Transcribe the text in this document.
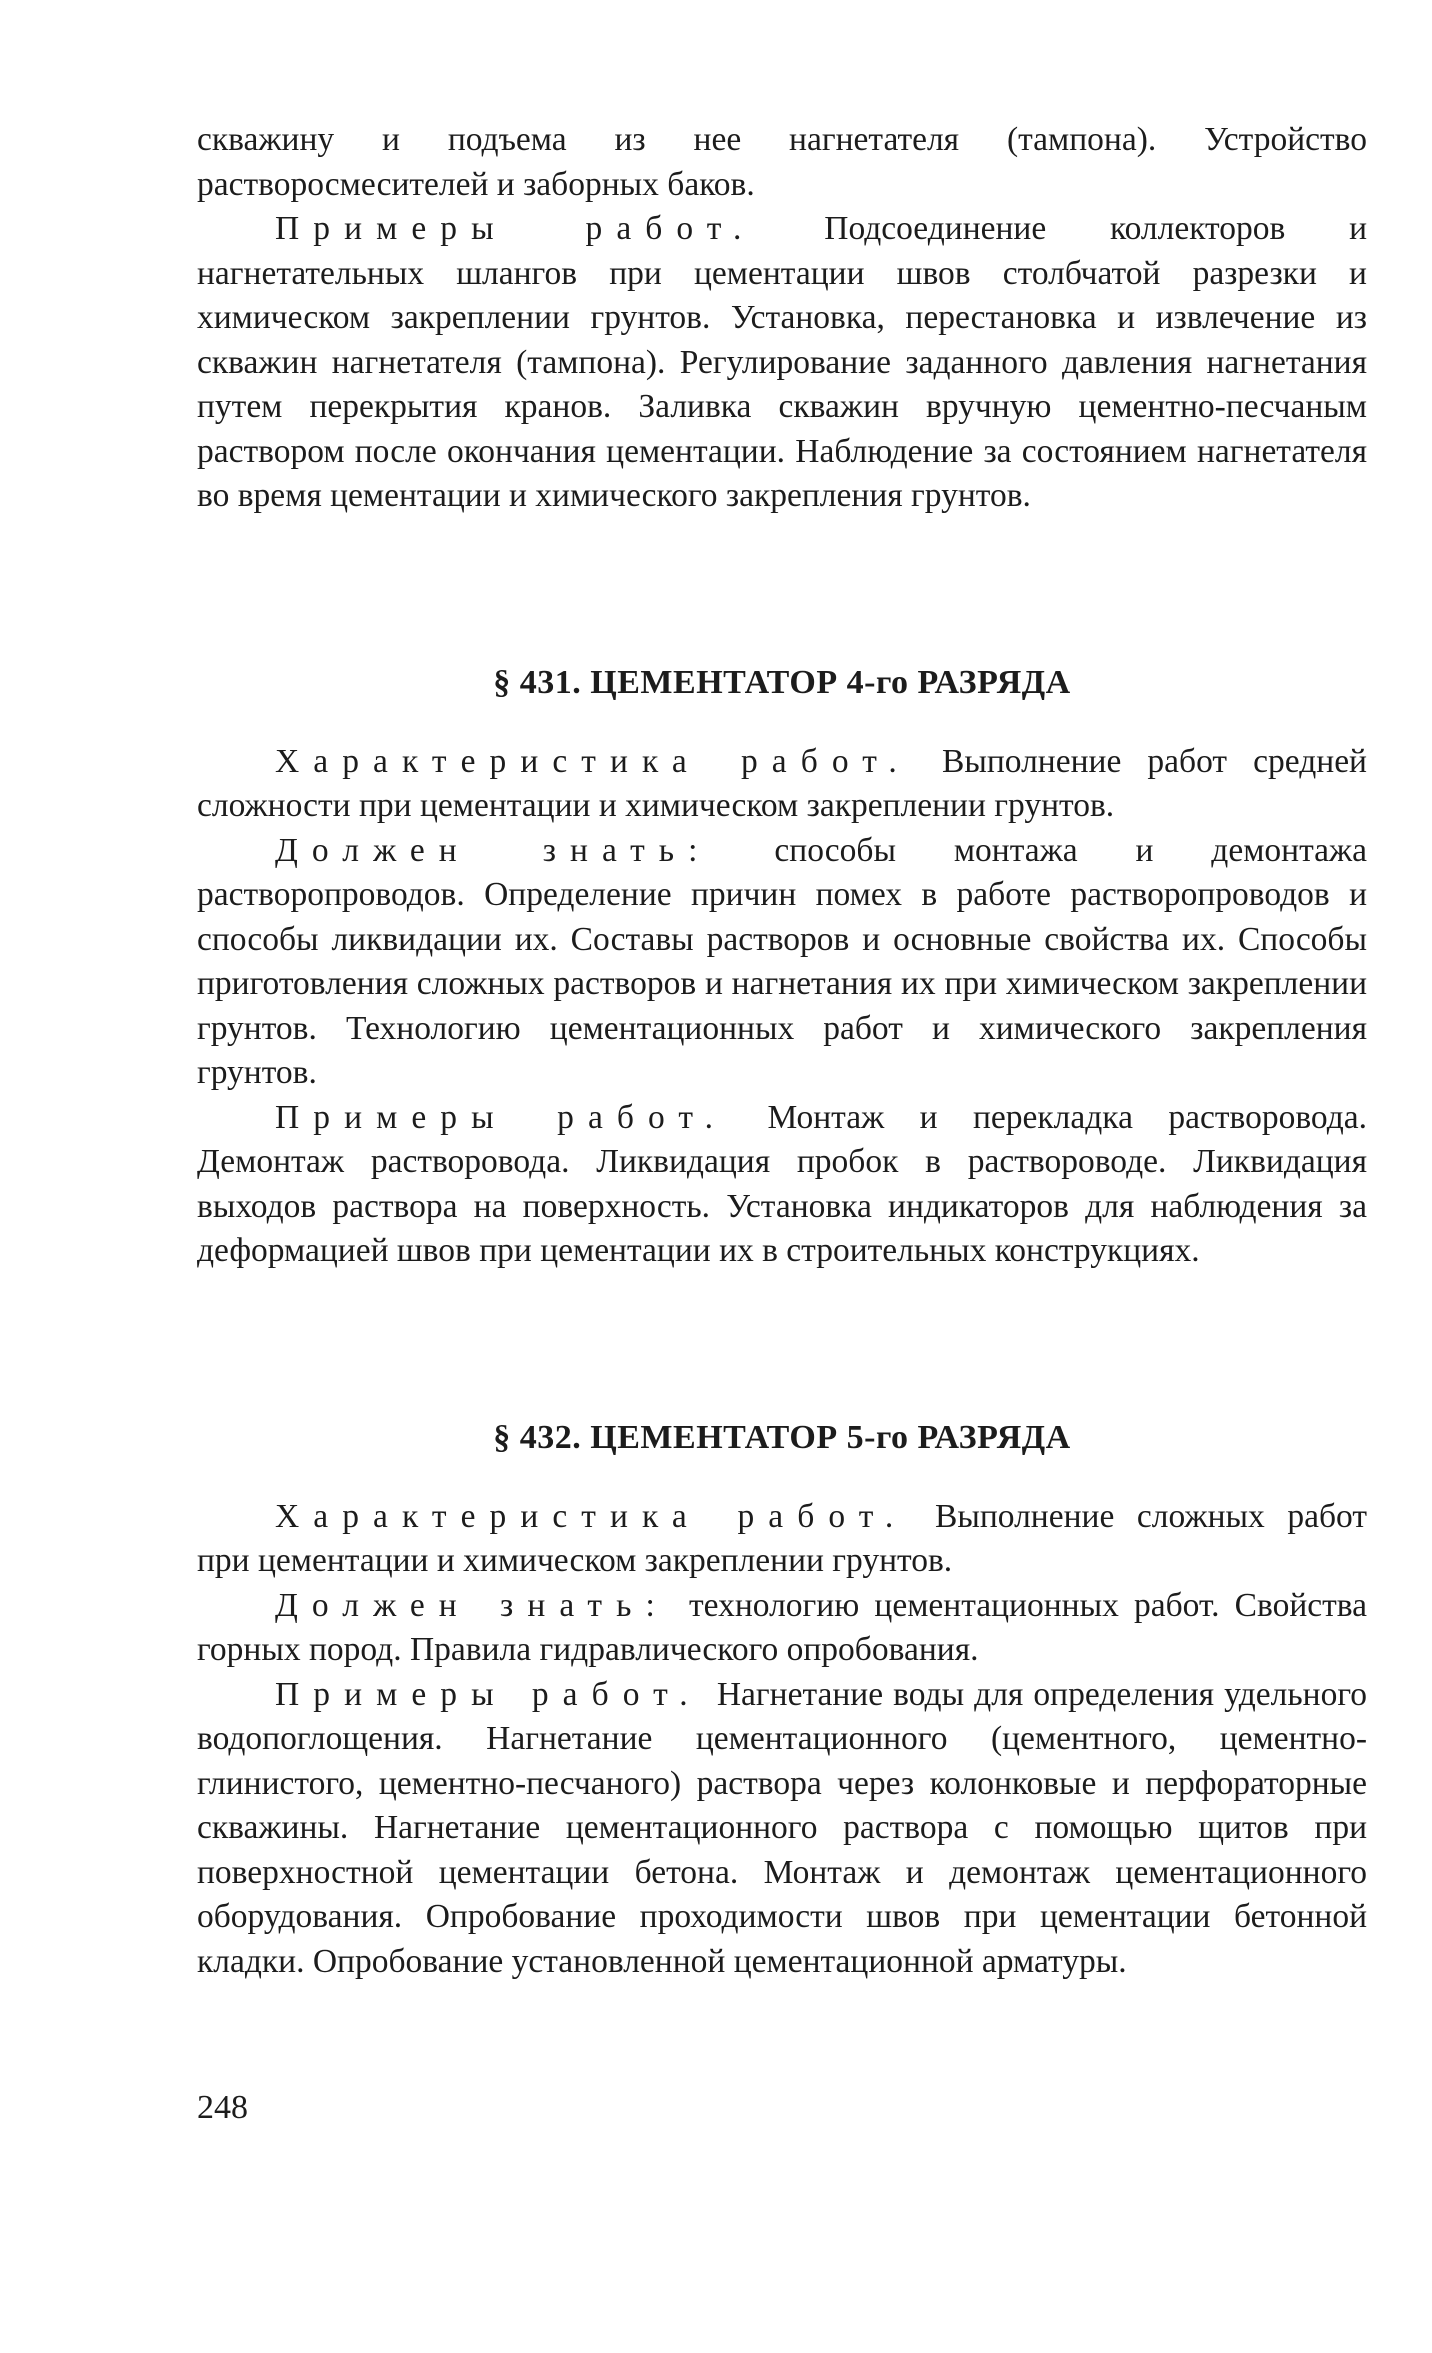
скважину и подъема из нее нагнетателя (тампона). Устройство растворосмесителей и заборных баков.

Примеры работ. Подсоединение коллекторов и нагнетательных шлангов при цементации швов столбчатой разрезки и химическом закреплении грунтов. Установка, перестановка и извлечение из скважин нагнетателя (тампона). Регулирование заданного давления нагнетания путем перекрытия кранов. Заливка скважин вручную цементно-песчаным раствором после окончания цементации. Наблюдение за состоянием нагнетателя во время цементации и химического закрепления грунтов.

§ 431. ЦЕМЕНТАТОР 4-го РАЗРЯДА

Характеристика работ. Выполнение работ средней сложности при цементации и химическом закреплении грунтов.

Должен знать: способы монтажа и демонтажа растворопроводов. Определение причин помех в работе растворопроводов и способы ликвидации их. Составы растворов и основные свойства их. Способы приготовления сложных растворов и нагнетания их при химическом закреплении грунтов. Технологию цементационных работ и химического закрепления грунтов.

Примеры работ. Монтаж и перекладка растворовода. Демонтаж растворовода. Ликвидация пробок в раствороводе. Ликвидация выходов раствора на поверхность. Установка индикаторов для наблюдения за деформацией швов при цементации их в строительных конструкциях.

§ 432. ЦЕМЕНТАТОР 5-го РАЗРЯДА

Характеристика работ. Выполнение сложных работ при цементации и химическом закреплении грунтов.

Должен знать: технологию цементационных работ. Свойства горных пород. Правила гидравлического опробования.

Примеры работ. Нагнетание воды для определения удельного водопоглощения. Нагнетание цементационного (цементного, цементно-глинистого, цементно-песчаного) раствора через колонковые и перфораторные скважины. Нагнетание цементационного раствора с помощью щитов при поверхностной цементации бетона. Монтаж и демонтаж цементационного оборудования. Опробование проходимости швов при цементации бетонной кладки. Опробование установленной цементационной арматуры.

248
